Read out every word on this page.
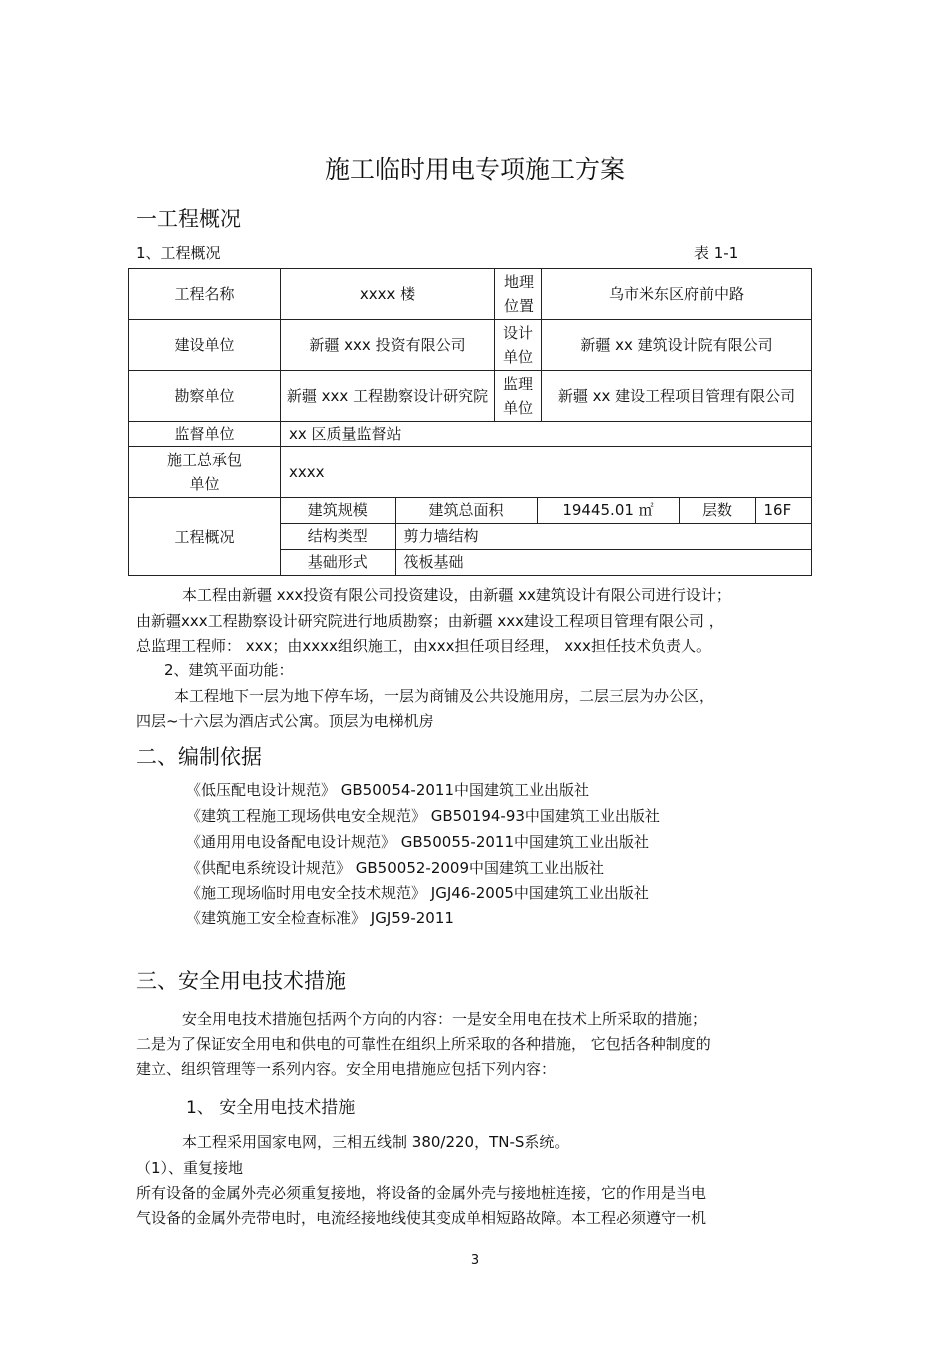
施工临时用电专项施工方案
一工程概况
1、工程概况	表 1-1
工程名称	xxxx 楼	地理位置	乌市米东区府前中路
建设单位	新疆 xxx 投资有限公司	设计单位	新疆 xx 建筑设计院有限公司
勘察单位	新疆 xxx 工程勘察设计研究院	监理单位	新疆 xx 建设工程项目管理有限公司
监督单位	xx 区质量监督站
施工总承包单位	xxxx
工程概况	
建筑规模	建筑总面积	19445.01 ㎡	层数	16F
结构类型	剪力墙结构
基础形式	筏板基础
本工程由新疆 xxx投资有限公司投资建设，由新疆 xx建筑设计有限公司进行设计；
由新疆xxx工程勘察设计研究院进行地质勘察；由新疆 xxx建设工程项目管理有限公司 ，
总监理工程师： xxx；由xxxx组织施工，由xxx担任项目经理， xxx担任技术负责人。
2、建筑平面功能：
本工程地下一层为地下停车场，一层为商铺及公共设施用房，二层三层为办公区，
四层~十六层为酒店式公寓。顶层为电梯机房
二、编制依据
《低压配电设计规范》 GB50054-2011中国建筑工业出版社
《建筑工程施工现场供电安全规范》 GB50194-93中国建筑工业出版社
《通用用电设备配电设计规范》 GB50055-2011中国建筑工业出版社
《供配电系统设计规范》 GB50052-2009中国建筑工业出版社
《施工现场临时用电安全技术规范》 JGJ46-2005中国建筑工业出版社
《建筑施工安全检查标准》 JGJ59-2011
三、安全用电技术措施
安全用电技术措施包括两个方向的内容：一是安全用电在技术上所采取的措施；
二是为了保证安全用电和供电的可靠性在组织上所采取的各种措施， 它包括各种制度的
建立、组织管理等一系列内容。安全用电措施应包括下列内容：
1、 安全用电技术措施
本工程采用国家电网，三相五线制 380/220，TN-S系统。
（1）、重复接地
所有设备的金属外壳必须重复接地，将设备的金属外壳与接地桩连接，它的作用是当电
气设备的金属外壳带电时，电流经接地线使其变成单相短路故障。本工程必须遵守一机
3
